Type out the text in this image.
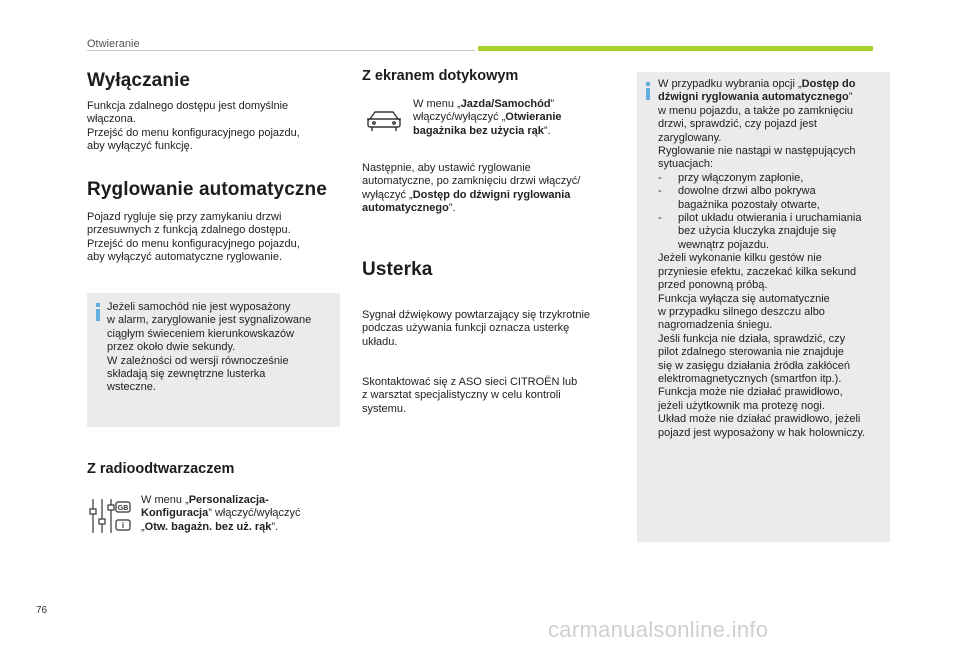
Otwieranie
Wyłączanie
Funkcja zdalnego dostępu jest domyślnie
włączona.
Przejść do menu konfiguracyjnego pojazdu,
aby wyłączyć funkcję.
Ryglowanie automatyczne
Pojazd rygluje się przy zamykaniu drzwi
przesuwnych z funkcją zdalnego dostępu.
Przejść do menu konfiguracyjnego pojazdu,
aby wyłączyć automatyczne ryglowanie.
Jeżeli samochód nie jest wyposażony
w alarm, zaryglowanie jest sygnalizowane
ciągłym świeceniem kierunkowskazów
przez około dwie sekundy.
W zależności od wersji równocześnie
składają się zewnętrzne lusterka
wsteczne.
Z radioodtwarzaczem
GB
i
W menu „Personalizacja-
Konfiguracja” włączyć/wyłączyć
„Otw. bagażn. bez uż. rąk”.
Z ekranem dotykowym
W menu „Jazda/Samochód”
włączyć/wyłączyć „Otwieranie
bagażnika bez użycia rąk”.
Następnie, aby ustawić ryglowanie
automatyczne, po zamknięciu drzwi włączyć/
wyłączyć „Dostęp do dźwigni ryglowania
automatycznego”.
Usterka
Sygnał dźwiękowy powtarzający się trzykrotnie
podczas używania funkcji oznacza usterkę
układu.
Skontaktować się z ASO sieci CITROËN lub
z warsztat specjalistyczny w celu kontroli
systemu.
W przypadku wybrania opcji „Dostęp do
dźwigni ryglowania automatycznego”
w menu pojazdu, a także po zamknięciu
drzwi, sprawdzić, czy pojazd jest
zaryglowany.
Ryglowanie nie nastąpi w następujących
sytuacjach:
- przy włączonym zapłonie,
- dowolne drzwi albo pokrywa
bagażnika pozostały otwarte,
- pilot układu otwierania i uruchamiania
bez użycia kluczyka znajduje się
wewnątrz pojazdu.
Jeżeli wykonanie kilku gestów nie
przyniesie efektu, zaczekać kilka sekund
przed ponowną próbą.
Funkcja wyłącza się automatycznie
w przypadku silnego deszczu albo
nagromadzenia śniegu.
Jeśli funkcja nie działa, sprawdzić, czy
pilot zdalnego sterowania nie znajduje
się w zasięgu działania źródła zakłóceń
elektromagnetycznych (smartfon itp.).
Funkcja może nie działać prawidłowo,
jeżeli użytkownik ma protezę nogi.
Układ może nie działać prawidłowo, jeżeli
pojazd jest wyposażony w hak holowniczy.
76
carmanualsonline.info
